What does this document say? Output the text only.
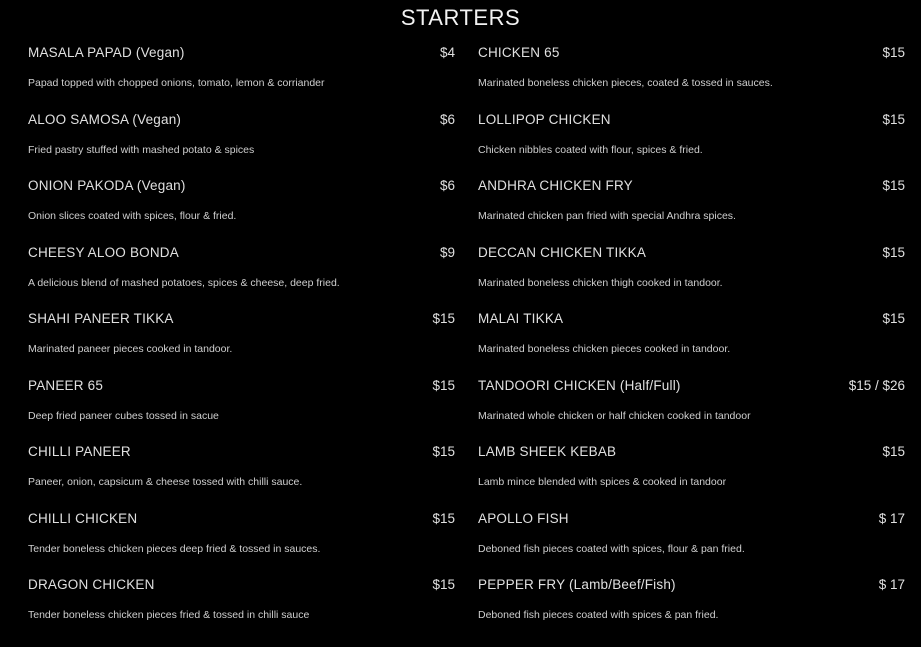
STARTERS
MASALA PAPAD (Vegan)	$4
Papad topped with chopped onions, tomato, lemon & corriander
ALOO SAMOSA (Vegan)	$6
Fried pastry stuffed with mashed potato & spices
ONION PAKODA (Vegan)	$6
Onion slices coated with spices, flour & fried.
CHEESY ALOO BONDA	$9
A delicious blend of mashed potatoes, spices & cheese, deep fried.
SHAHI PANEER TIKKA	$15
Marinated paneer pieces cooked in tandoor.
PANEER 65	$15
Deep fried paneer cubes tossed in sacue
CHILLI PANEER	$15
Paneer, onion, capsicum & cheese tossed with chilli sauce.
CHILLI CHICKEN	$15
Tender boneless chicken pieces deep fried & tossed in sauces.
DRAGON CHICKEN	$15
Tender boneless chicken pieces fried & tossed in chilli sauce
CHICKEN 65	$15
Marinated boneless chicken pieces, coated & tossed in sauces.
LOLLIPOP CHICKEN	$15
Chicken nibbles coated with flour, spices & fried.
ANDHRA CHICKEN FRY	$15
Marinated chicken pan fried with special Andhra spices.
DECCAN CHICKEN TIKKA	$15
Marinated boneless chicken thigh cooked in tandoor.
MALAI TIKKA	$15
Marinated boneless chicken pieces cooked in tandoor.
TANDOORI CHICKEN (Half/Full)	$15 / $26
Marinated whole chicken or half chicken cooked in tandoor
LAMB SHEEK KEBAB	$15
Lamb mince blended with spices & cooked in tandoor
APOLLO FISH	$ 17
Deboned fish pieces coated with spices, flour & pan fried.
PEPPER FRY (Lamb/Beef/Fish)	$ 17
Deboned fish pieces coated with spices & pan fried.
